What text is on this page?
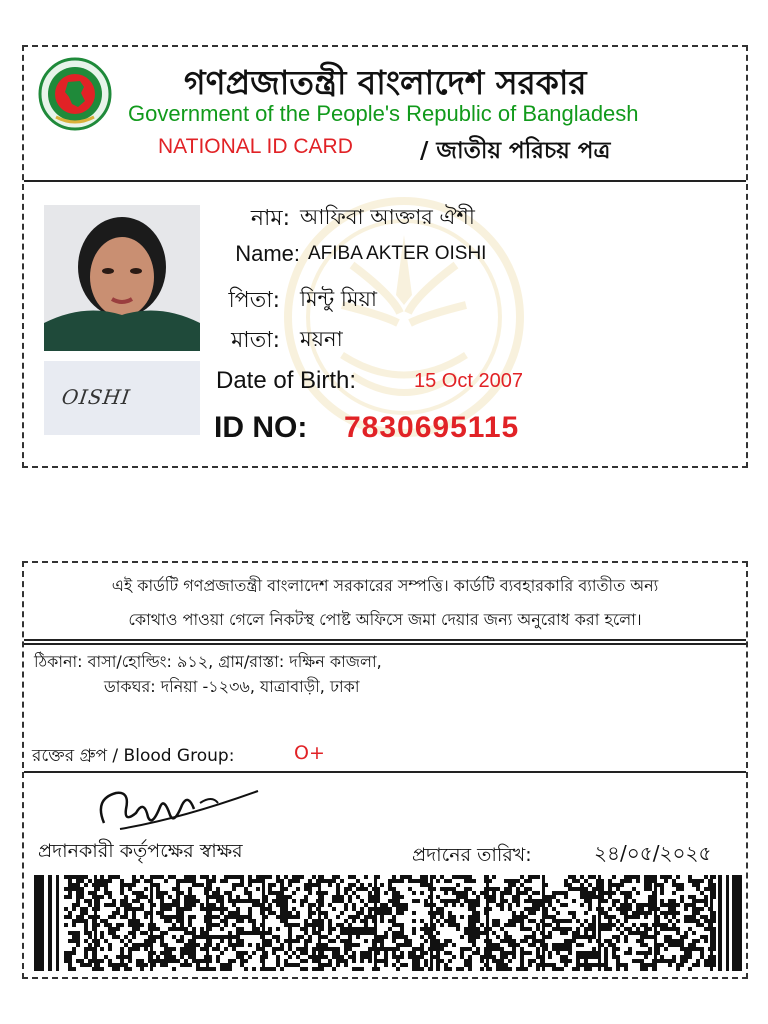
গণপ্রজাতন্ত্রী বাংলাদেশ সরকার
Government of the People's Republic of Bangladesh
NATIONAL ID CARD	/ জাতীয় পরিচয় পত্র
OISHI
নাম: আফিবা আক্তার ঐশী
Name: AFIBA AKTER OISHI
পিতা: মিন্টু মিয়া
মাতা: ময়না
Date of Birth:	15 Oct 2007
ID NO: 7830695115
এই কার্ডটি গণপ্রজাতন্ত্রী বাংলাদেশ সরকারের সম্পত্তি। কার্ডটি ব্যবহারকারি ব্যাতীত অন্য
কোথাও পাওয়া গেলে নিকটস্থ পোষ্ট অফিসে জমা দেয়ার জন্য অনুরোধ করা হলো।
ঠিকানা: বাসা/হোল্ডিং: ৯১২, গ্রাম/রাস্তা: দক্ষিন কাজলা,
ডাকঘর: দনিয়া -১২৩৬, যাত্রাবাড়ী, ঢাকা
রক্তের গ্রুপ / Blood Group:	O+
প্রদানকারী কর্তৃপক্ষের স্বাক্ষর	প্রদানের তারিখ:	২৪/০৫/২০২৫
